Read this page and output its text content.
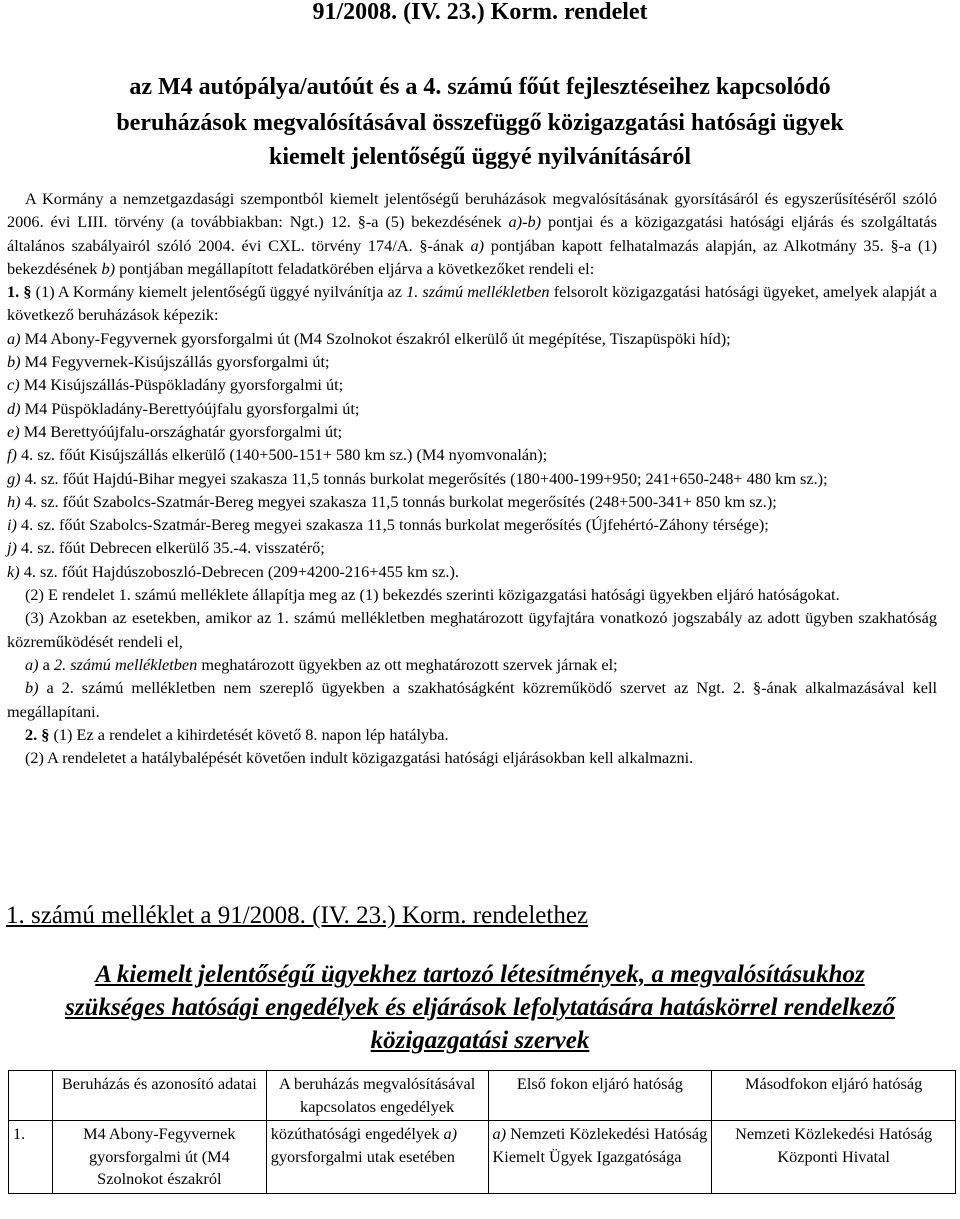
91/2008. (IV. 23.) Korm. rendelet
az M4 autópálya/autóút és a 4. számú főút fejlesztéseihez kapcsolódó
beruházások megvalósításával összefüggő közigazgatási hatósági ügyek
kiemelt jelentőségű üggyé nyilvánításáról

A Kormány a nemzetgazdasági szempontból kiemelt jelentőségű beruházások megvalósításának gyorsításáról és egyszerűsítéséről szóló 2006. évi LIII. törvény (a továbbiakban: Ngt.) 12. §-a (5) bekezdésének a)-b) pontjai és a közigazgatási hatósági eljárás és szolgáltatás általános szabályairól szóló 2004. évi CXL. törvény 174/A. §-ának a) pontjában kapott felhatalmazás alapján, az Alkotmány 35. §-a (1) bekezdésének b) pontjában megállapított feladatkörében eljárva a következőket rendeli el:

1. § (1) A Kormány kiemelt jelentőségű üggyé nyilvánítja az 1. számú mellékletben felsorolt közigazgatási hatósági ügyeket, amelyek alapját a következő beruházások képezik:

a) M4 Abony-Fegyvernek gyorsforgalmi út (M4 Szolnokot északról elkerülő út megépítése, Tiszapüspöki híd);

b) M4 Fegyvernek-Kisújszállás gyorsforgalmi út;

c) M4 Kisújszállás-Püspökladány gyorsforgalmi út;

d) M4 Püspökladány-Berettyóújfalu gyorsforgalmi út;

e) M4 Berettyóújfalu-országhatár gyorsforgalmi út;

f) 4. sz. főút Kisújszállás elkerülő (140+500-151+ 580 km sz.) (M4 nyomvonalán);

g) 4. sz. főút Hajdú-Bihar megyei szakasza 11,5 tonnás burkolat megerősítés (180+400-199+950; 241+650-248+ 480 km sz.);

h) 4. sz. főút Szabolcs-Szatmár-Bereg megyei szakasza 11,5 tonnás burkolat megerősítés (248+500-341+ 850 km sz.);

i) 4. sz. főút Szabolcs-Szatmár-Bereg megyei szakasza 11,5 tonnás burkolat megerősítés (Újfehértó-Záhony térsége);

j) 4. sz. főút Debrecen elkerülő 35.-4. visszatérő;

k) 4. sz. főút Hajdúszoboszló-Debrecen (209+4200-216+455 km sz.).

(2) E rendelet 1. számú melléklete állapítja meg az (1) bekezdés szerinti közigazgatási hatósági ügyekben eljáró hatóságokat.

(3) Azokban az esetekben, amikor az 1. számú mellékletben meghatározott ügyfajtára vonatkozó jogszabály az adott ügyben szakhatóság közreműködését rendeli el,

a) a 2. számú mellékletben meghatározott ügyekben az ott meghatározott szervek járnak el;

b) a 2. számú mellékletben nem szereplő ügyekben a szakhatóságként közreműködő szervet az Ngt. 2. §-ának alkalmazásával kell megállapítani.

2. § (1) Ez a rendelet a kihirdetését követő 8. napon lép hatályba.

(2) A rendeletet a hatálybalépését követően indult közigazgatási hatósági eljárásokban kell alkalmazni.

1. számú melléklet a 91/2008. (IV. 23.) Korm. rendelethez
A kiemelt jelentőségű ügyekhez tartozó létesítmények, a megvalósításukhoz
szükséges hatósági engedélyek és eljárások lefolytatására hatáskörrel rendelkező
közigazgatási szervek
	Beruházás és azonosító adatai	A beruházás megvalósításával kapcsolatos engedélyek	Első fokon eljáró hatóság	Másodfokon eljáró hatóság
1.	M4 Abony-Fegyvernek gyorsforgalmi út (M4 Szolnokot északról	közúthatósági engedélyek a) gyorsforgalmi utak esetében	a) Nemzeti Közlekedési Hatóság Kiemelt Ügyek Igazgatósága	Nemzeti Közlekedési Hatóság Központi Hivatal
